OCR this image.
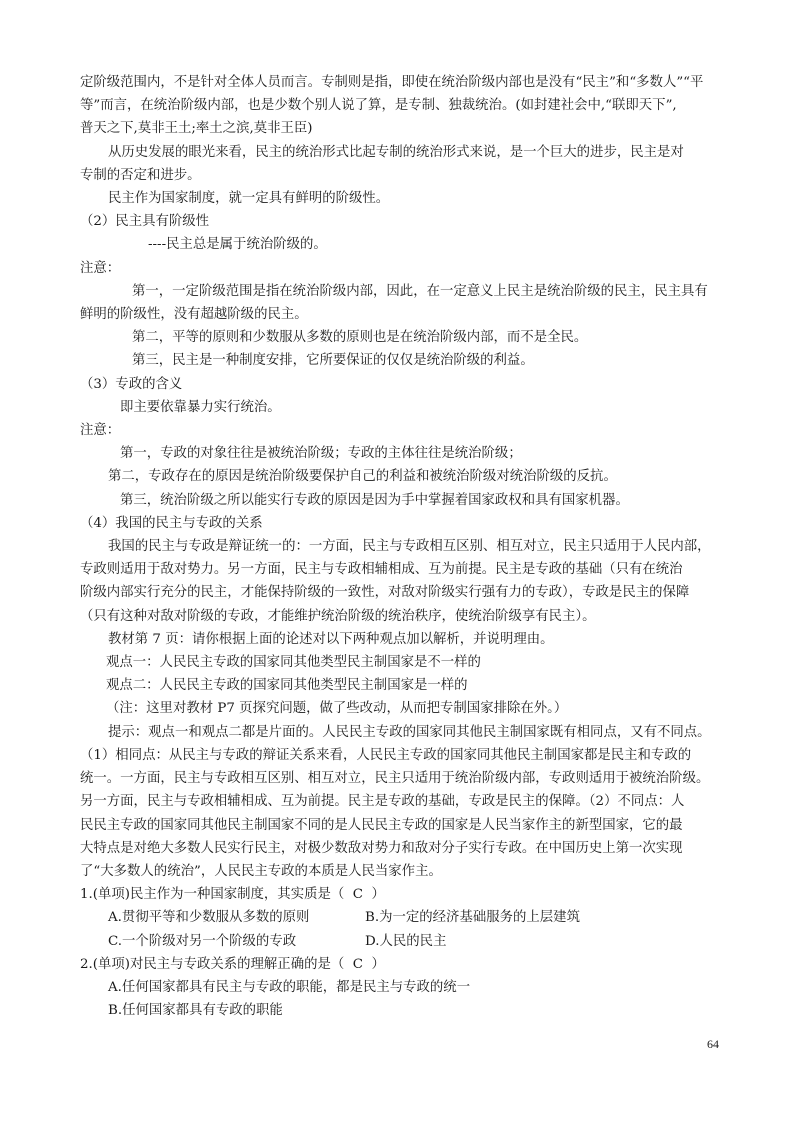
定阶级范围内，不是针对全体人员而言。专制则是指，即使在统治阶级内部也是没有“民主”和“多数人”“平

等”而言，在统治阶级内部，也是少数个别人说了算，是专制、独裁统治。(如封建社会中,“联即天下”,

普天之下,莫非王土;率土之滨,莫非王臣)

从历史发展的眼光来看，民主的统治形式比起专制的统治形式来说，是一个巨大的进步，民主是对

专制的否定和进步。

民主作为国家制度，就一定具有鲜明的阶级性。

（2）民主具有阶级性

----民主总是属于统治阶级的。

注意：

第一，一定阶级范围是指在统治阶级内部，因此，在一定意义上民主是统治阶级的民主，民主具有

鲜明的阶级性，没有超越阶级的民主。

第二，平等的原则和少数服从多数的原则也是在统治阶级内部，而不是全民。

第三，民主是一种制度安排，它所要保证的仅仅是统治阶级的利益。

（3）专政的含义

即主要依靠暴力实行统治。

注意：

第一，专政的对象往往是被统治阶级；专政的主体往往是统治阶级；

第二，专政存在的原因是统治阶级要保护自己的利益和被统治阶级对统治阶级的反抗。

第三，统治阶级之所以能实行专政的原因是因为手中掌握着国家政权和具有国家机器。

（4）我国的民主与专政的关系

我国的民主与专政是辩证统一的：一方面，民主与专政相互区别、相互对立，民主只适用于人民内部，

专政则适用于敌对势力。另一方面，民主与专政相辅相成、互为前提。民主是专政的基础（只有在统治

阶级内部实行充分的民主，才能保持阶级的一致性，对敌对阶级实行强有力的专政），专政是民主的保障

（只有这种对敌对阶级的专政，才能维护统治阶级的统治秩序，使统治阶级享有民主）。

教材第 7 页：请你根据上面的论述对以下两种观点加以解析，并说明理由。

观点一：人民民主专政的国家同其他类型民主制国家是不一样的

观点二：人民民主专政的国家同其他类型民主制国家是一样的

（注：这里对教材 P7 页探究问题，做了些改动，从而把专制国家排除在外。）

提示：观点一和观点二都是片面的。人民民主专政的国家同其他民主制国家既有相同点，又有不同点。

（1）相同点：从民主与专政的辩证关系来看，人民民主专政的国家同其他民主制国家都是民主和专政的

统一。一方面，民主与专政相互区别、相互对立，民主只适用于统治阶级内部，专政则适用于被统治阶级。

另一方面，民主与专政相辅相成、互为前提。民主是专政的基础，专政是民主的保障。（2）不同点：人

民民主专政的国家同其他民主制国家不同的是人民民主专政的国家是人民当家作主的新型国家，它的最

大特点是对绝大多数人民实行民主，对极少数敌对势力和敌对分子实行专政。在中国历史上第一次实现

了“大多数人的统治”，人民民主专政的本质是人民当家作主。

1.(单项)民主作为一种国家制度，其实质是（  C  ）

A.贯彻平等和少数服从多数的原则	B.为一定的经济基础服务的上层建筑
C.一个阶级对另一个阶级的专政	D.人民的民主

2.(单项)对民主与专政关系的理解正确的是（  C  ）

A.任何国家都具有民主与专政的职能，都是民主与专政的统一
B.任何国家都具有专政的职能
64
